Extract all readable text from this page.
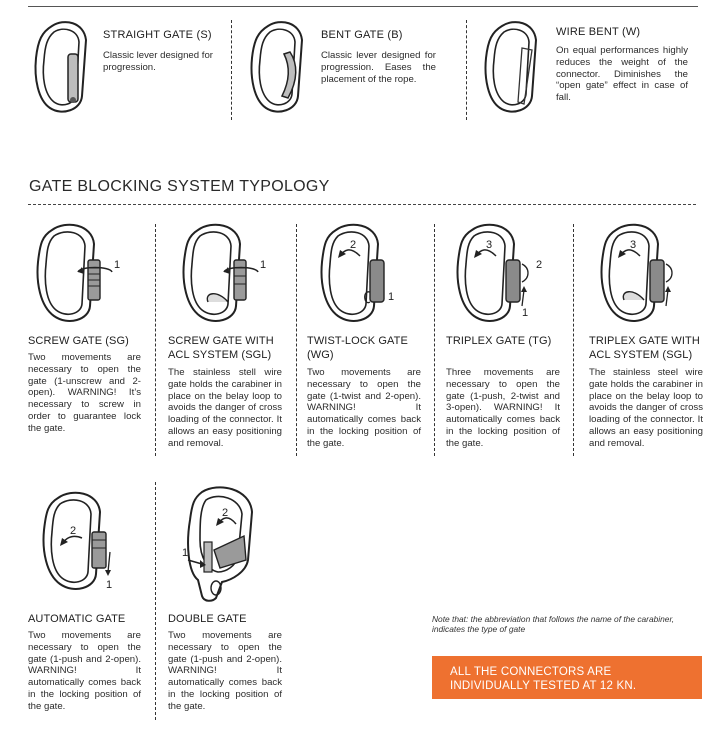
STRAIGHT GATE (S)
Classic lever designed for progression.
BENT GATE (B)
Classic lever designed for progression. Eases the placement of the rope.
WIRE BENT (W)
On equal performances highly reduces the weight of the connector. Diminishes the “open gate” effect in case of fall.
GATE BLOCKING SYSTEM TYPOLOGY
1
SCREW GATE (SG)
Two movements are necessary to open the gate (1-unscrew and 2-open). WARNING! It’s necessary to screw in order to guarantee lock the gate.
1
SCREW GATE WITH ACL SYSTEM (SGL)
The stainless stell wire gate holds the carabiner in place on the belay loop to avoids the danger of cross loading of the connector. It allows an easy positioning and removal.
2
1
TWIST-LOCK GATE (WG)
Two movements are necessary to open the gate (1-twist and 2-open). WARNING! It automatically comes back in the locking position of the gate.
3
2
1
TRIPLEX GATE (TG)
Three movements are necessary to open the gate (1-push, 2-twist and 3-open). WARNING! It automatically comes back in the locking position of the gate.
3
TRIPLEX GATE WITH ACL SYSTEM (SGL)
The stainless steel wire gate holds the carabiner in place on the belay loop to avoids the danger of cross loading of the connector. It allows an easy positioning and removal.
2
1
AUTOMATIC GATE
Two movements are necessary to open the gate (1-push and 2-open). WARNING! It automatically comes back in the locking position of the gate.
2
1
DOUBLE GATE
Two movements are necessary to open the gate (1-push and 2-open). WARNING! It automatically comes back in the locking position of the gate.
Note that: the abbreviation that follows the name of the carabiner, indicates the type of gate
ALL THE CONNECTORS ARE INDIVIDUALLY TESTED AT 12 KN.
